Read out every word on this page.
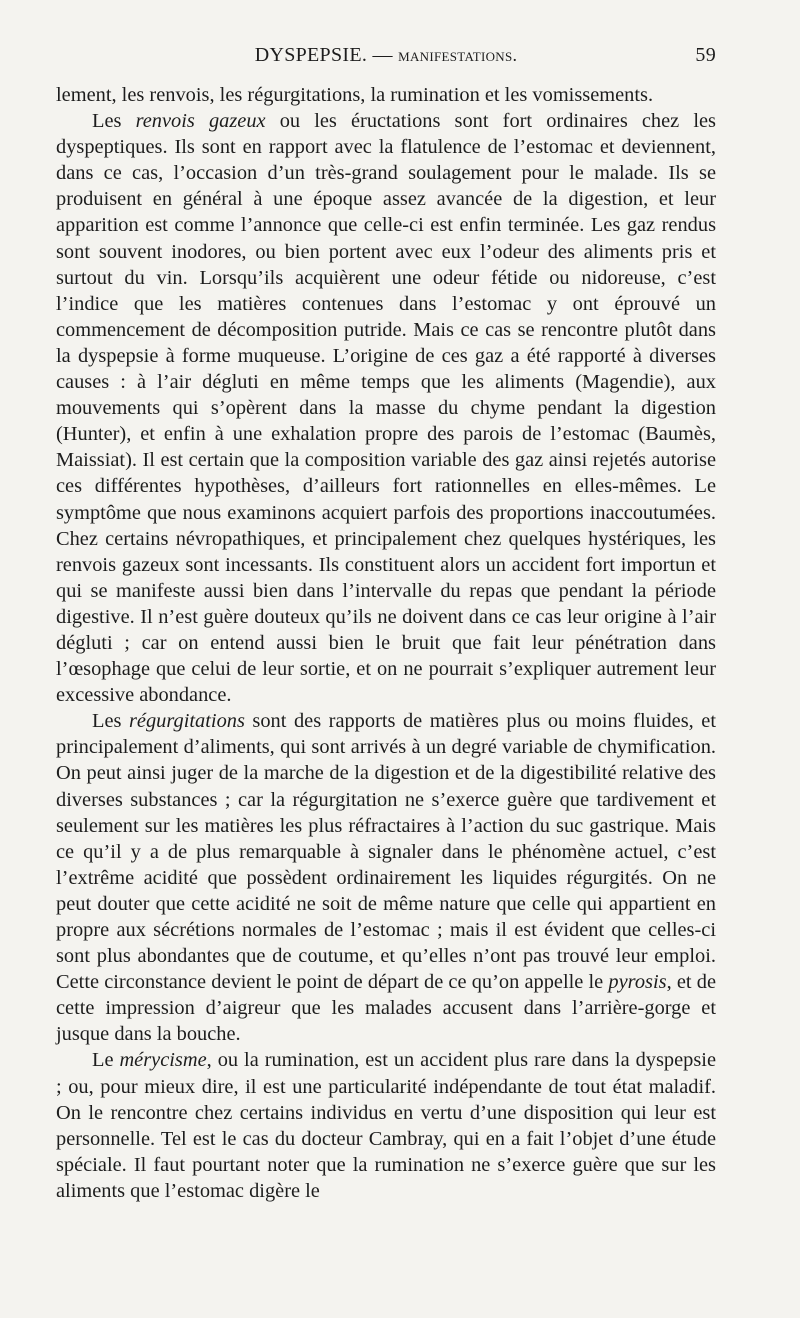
DYSPEPSIE. — manifestations.	59

lement, les renvois, les régurgitations, la rumination et les vomissements.

Les renvois gazeux ou les éructations sont fort ordinaires chez les dyspeptiques. Ils sont en rapport avec la flatulence de l’estomac et deviennent, dans ce cas, l’occasion d’un très-grand soulagement pour le malade. Ils se produisent en général à une époque assez avancée de la digestion, et leur apparition est comme l’annonce que celle-ci est enfin terminée. Les gaz rendus sont souvent inodores, ou bien portent avec eux l’odeur des aliments pris et surtout du vin. Lorsqu’ils acquièrent une odeur fétide ou nidoreuse, c’est l’indice que les matières contenues dans l’estomac y ont éprouvé un commencement de décomposition putride. Mais ce cas se rencontre plutôt dans la dyspepsie à forme muqueuse. L’origine de ces gaz a été rapporté à diverses causes : à l’air dégluti en même temps que les aliments (Magendie), aux mouvements qui s’opèrent dans la masse du chyme pendant la digestion (Hunter), et enfin à une exhalation propre des parois de l’estomac (Baumès, Maissiat). Il est certain que la composition variable des gaz ainsi rejetés autorise ces différentes hypothèses, d’ailleurs fort rationnelles en elles-mêmes. Le symptôme que nous examinons acquiert parfois des proportions inaccoutumées. Chez certains névropathiques, et principalement chez quelques hystériques, les renvois gazeux sont incessants. Ils constituent alors un accident fort importun et qui se manifeste aussi bien dans l’intervalle du repas que pendant la période digestive. Il n’est guère douteux qu’ils ne doivent dans ce cas leur origine à l’air dégluti ; car on entend aussi bien le bruit que fait leur pénétration dans l’œsophage que celui de leur sortie, et on ne pourrait s’expliquer autrement leur excessive abondance.

Les régurgitations sont des rapports de matières plus ou moins fluides, et principalement d’aliments, qui sont arrivés à un degré variable de chymification. On peut ainsi juger de la marche de la digestion et de la digestibilité relative des diverses substances ; car la régurgitation ne s’exerce guère que tardivement et seulement sur les matières les plus réfractaires à l’action du suc gastrique. Mais ce qu’il y a de plus remarquable à signaler dans le phénomène actuel, c’est l’extrême acidité que possèdent ordinairement les liquides régurgités. On ne peut douter que cette acidité ne soit de même nature que celle qui appartient en propre aux sécrétions normales de l’estomac ; mais il est évident que celles-ci sont plus abondantes que de coutume, et qu’elles n’ont pas trouvé leur emploi. Cette circonstance devient le point de départ de ce qu’on appelle le pyrosis, et de cette impression d’aigreur que les malades accusent dans l’arrière-gorge et jusque dans la bouche.

Le mérycisme, ou la rumination, est un accident plus rare dans la dyspepsie ; ou, pour mieux dire, il est une particularité indépendante de tout état maladif. On le rencontre chez certains individus en vertu d’une disposition qui leur est personnelle. Tel est le cas du docteur Cambray, qui en a fait l’objet d’une étude spéciale. Il faut pourtant noter que la rumination ne s’exerce guère que sur les aliments que l’estomac digère le
